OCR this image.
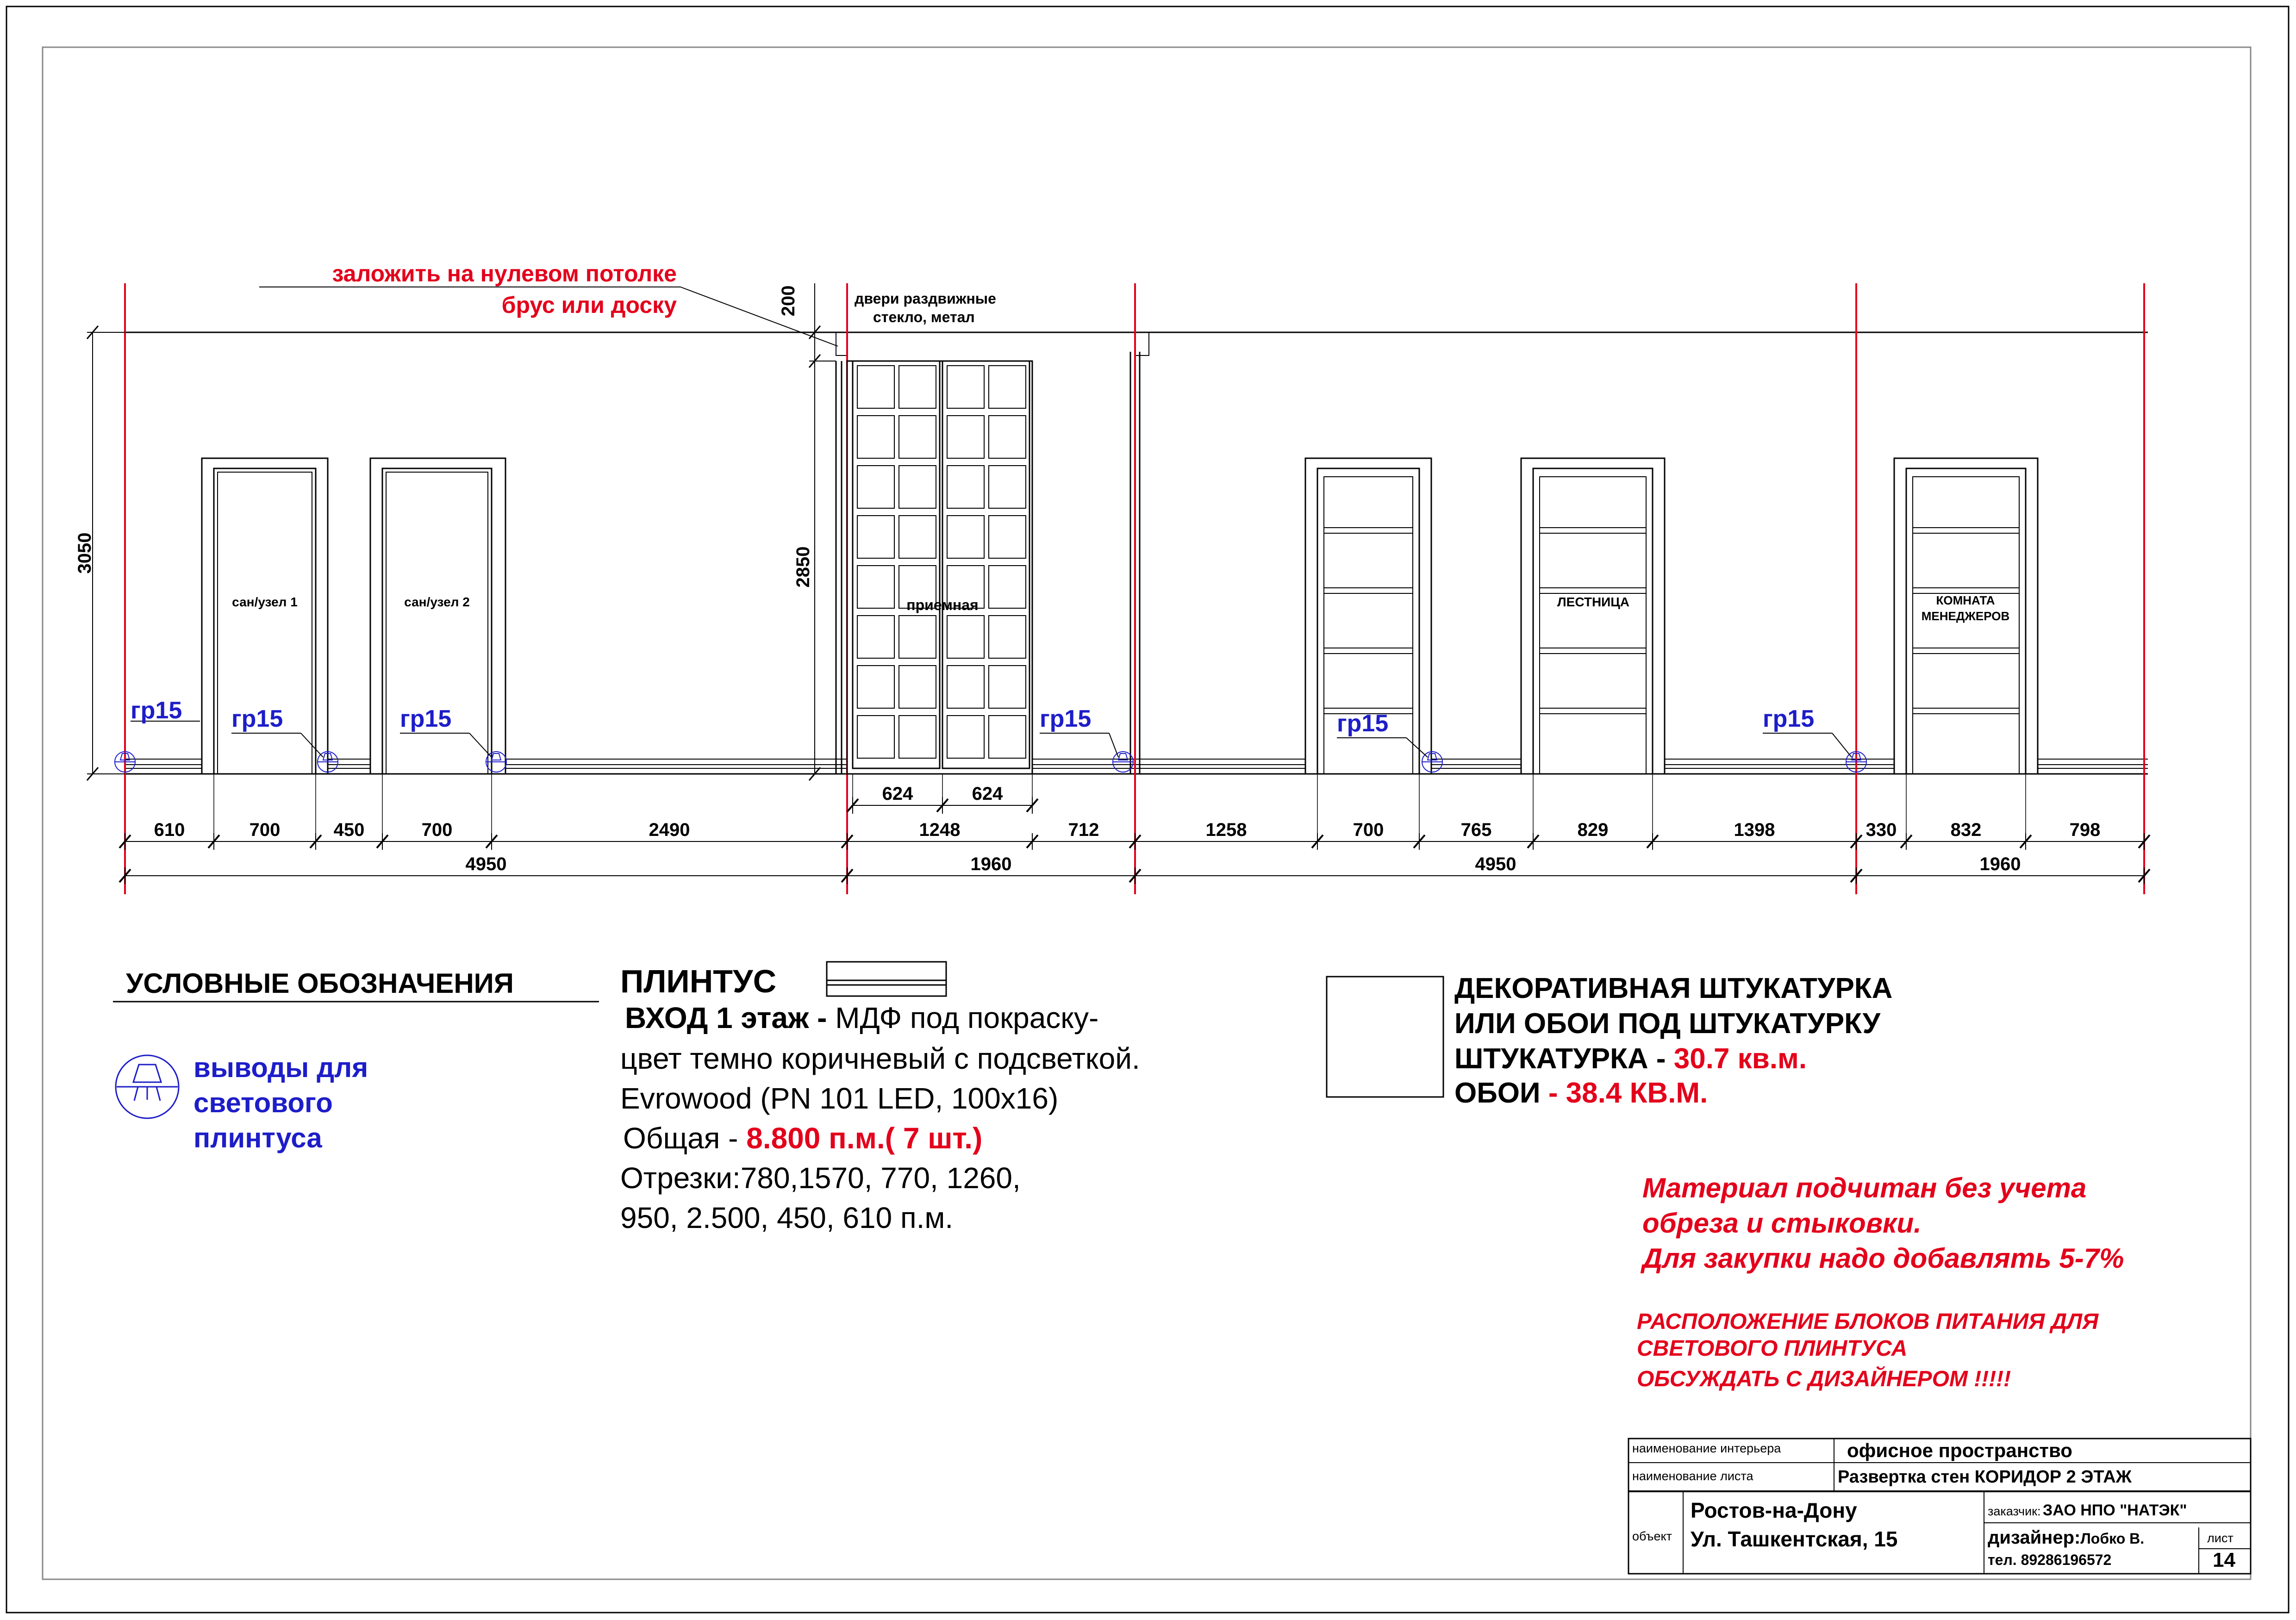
заложить на нулевом потолке
брус или доску	двери раздвижные
стекло, метал
сан/узел 1	сан/узел 2	приемная	ЛЕСТНИЦА	КОМНАТА
МЕНЕДЖЕРОВ
3050	2850
200
гр15 гр15	гр15	гр15	гр15	гр15
624	624
610	700	450	700	2490	1248	712	1258	700	765	829	1398	330	832	798
4950	1960	4950	1960
УСЛОВНЫЕ ОБОЗНАЧЕНИЯ
выводы для
светового
плинтуса
ПЛИНТУС
ВХОД 1 этаж - МДФ под покраску-
цвет темно коричневый с подсветкой.
Evrowood (PN 101 LED, 100x16)
Общая - 8.800 п.м.( 7 шт.)
Отрезки:780,1570, 770, 1260,
950, 2.500, 450, 610 п.м.
ДЕКОРАТИВНАЯ ШТУКАТУРКА
ИЛИ ОБОИ ПОД ШТУКАТУРКУ
ШТУКАТУРКА - 30.7 кв.м.
ОБОИ - 38.4 КВ.М.
Материал подчитан без учета
обреза и стыковки.
Для закупки надо добавлять 5-7%
РАСПОЛОЖЕНИЕ БЛОКОВ ПИТАНИЯ ДЛЯ
СВЕТОВОГО ПЛИНТУСА
ОБСУЖДАТЬ С ДИЗАЙНЕРОМ !!!!!
наименование интерьера	офисное пространство
наименование листа	Развертка стен КОРИДОР 2 ЭТАЖ
объект
Ростов-на-Дону
Ул. Ташкентская, 15
заказчик: ЗАО НПО "НАТЭК"
дизайнер:Лобко В.
тел. 89286196572
лист
14
